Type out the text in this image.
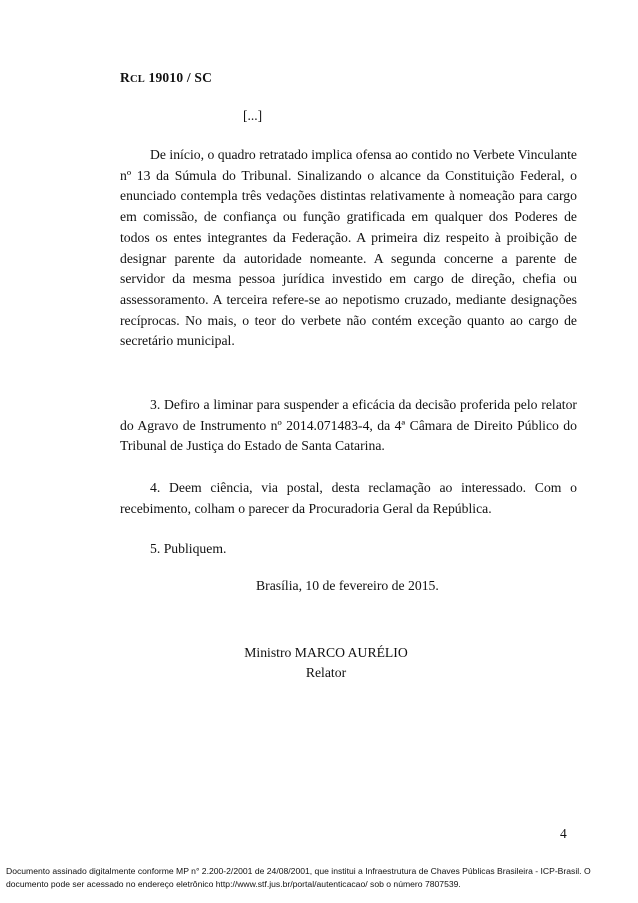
RCL 19010 / SC
[...]

De início, o quadro retratado implica ofensa ao contido no Verbete Vinculante nº 13 da Súmula do Tribunal. Sinalizando o alcance da Constituição Federal, o enunciado contempla três vedações distintas relativamente à nomeação para cargo em comissão, de confiança ou função gratificada em qualquer dos Poderes de todos os entes integrantes da Federação. A primeira diz respeito à proibição de designar parente da autoridade nomeante. A segunda concerne a parente de servidor da mesma pessoa jurídica investido em cargo de direção, chefia ou assessoramento. A terceira refere-se ao nepotismo cruzado, mediante designações recíprocas. No mais, o teor do verbete não contém exceção quanto ao cargo de secretário municipal.

3. Defiro a liminar para suspender a eficácia da decisão proferida pelo relator do Agravo de Instrumento nº 2014.071483-4, da 4ª Câmara de Direito Público do Tribunal de Justiça do Estado de Santa Catarina.

4. Deem ciência, via postal, desta reclamação ao interessado. Com o recebimento, colham o parecer da Procuradoria Geral da República.

5. Publiquem.

Brasília, 10 de fevereiro de 2015.
Ministro MARCO AURÉLIO
Relator
4
Documento assinado digitalmente conforme MP n° 2.200-2/2001 de 24/08/2001, que institui a Infraestrutura de Chaves Públicas Brasileira - ICP-Brasil. O
documento pode ser acessado no endereço eletrônico http://www.stf.jus.br/portal/autenticacao/ sob o número 7807539.
